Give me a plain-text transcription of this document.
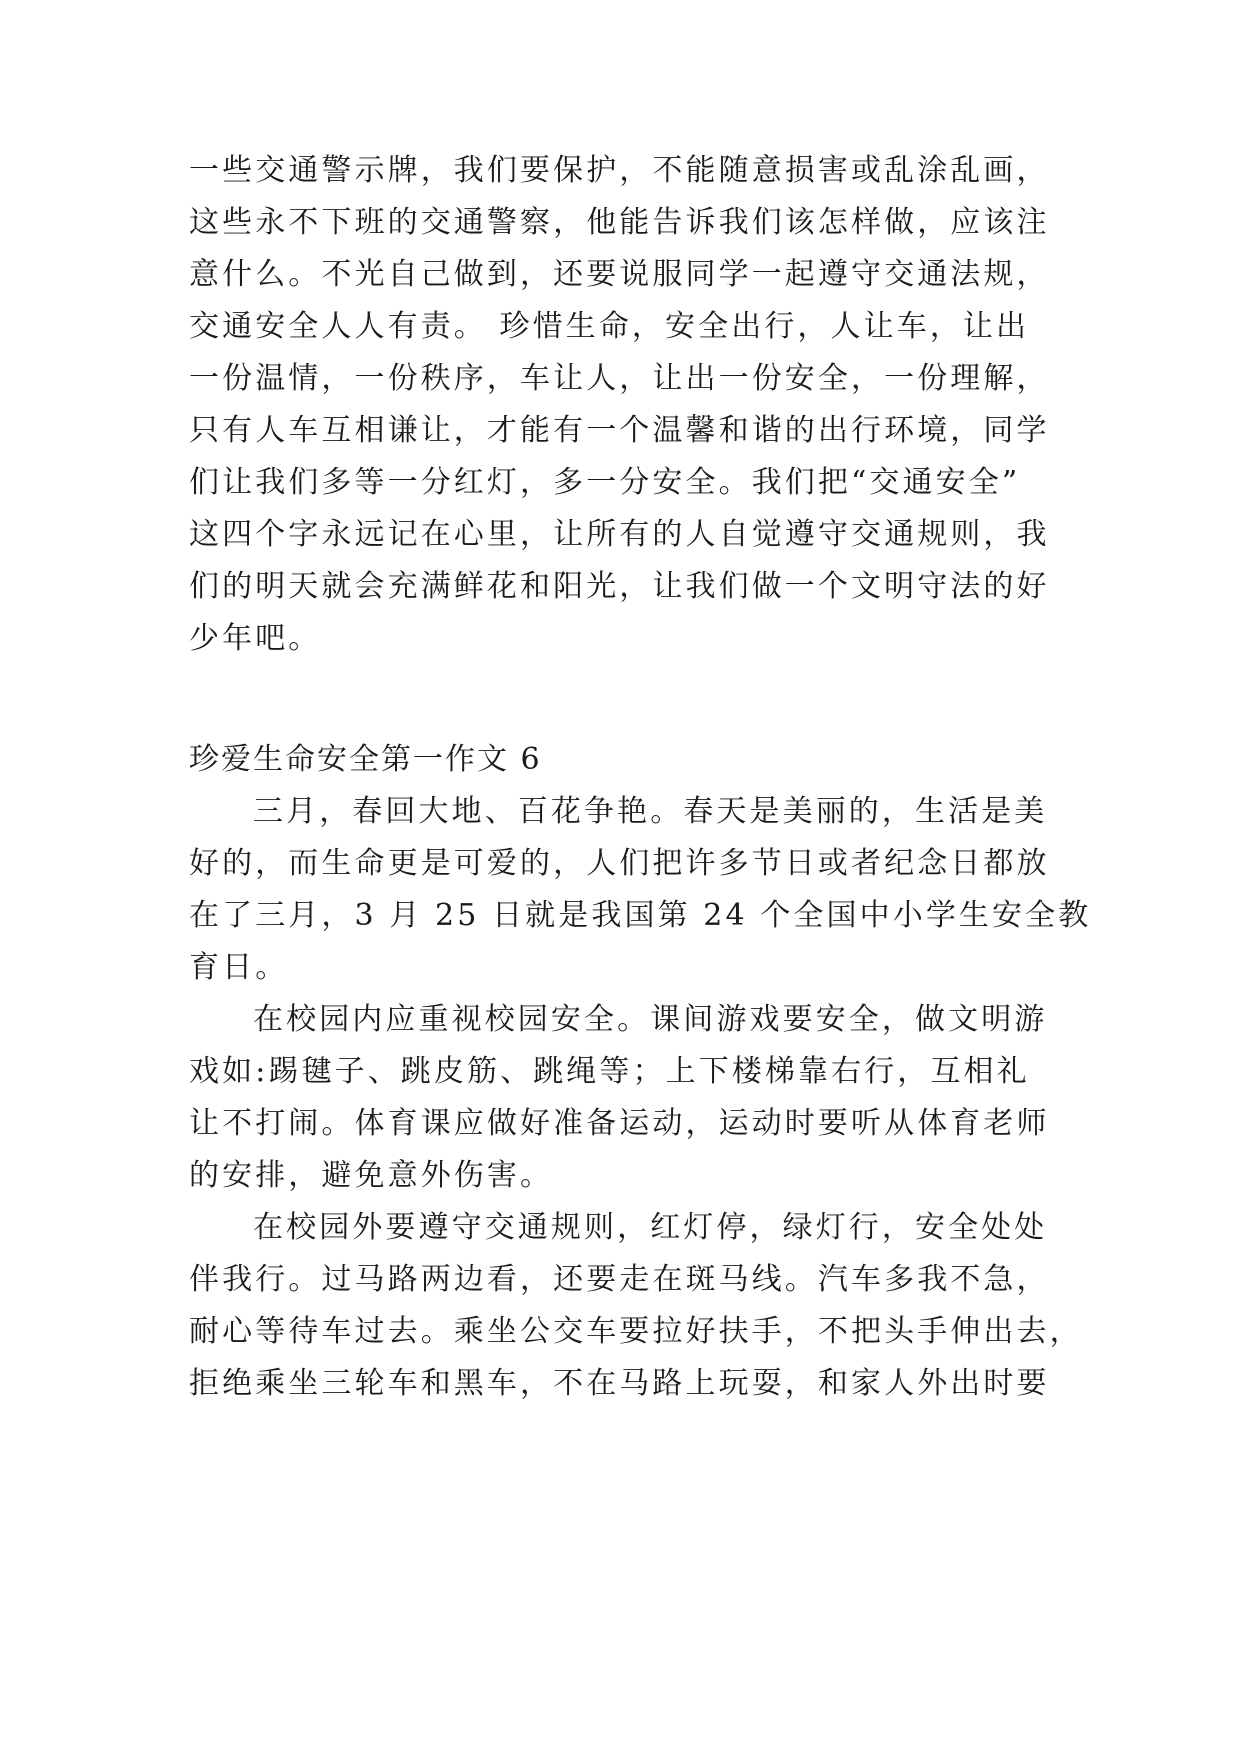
一些交通警示牌，我们要保护，不能随意损害或乱涂乱画，
这些永不下班的交通警察，他能告诉我们该怎样做，应该注
意什么。不光自己做到，还要说服同学一起遵守交通法规，
交通安全人人有责。 珍惜生命，安全出行，人让车，让出
一份温情，一份秩序，车让人，让出一份安全，一份理解，
只有人车互相谦让，才能有一个温馨和谐的出行环境，同学
们让我们多等一分红灯，多一分安全。我们把“交通安全”
这四个字永远记在心里，让所有的人自觉遵守交通规则，我
们的明天就会充满鲜花和阳光，让我们做一个文明守法的好
少年吧。
珍爱生命安全第一作文 6
三月，春回大地、百花争艳。春天是美丽的，生活是美
好的，而生命更是可爱的，人们把许多节日或者纪念日都放
在了三月，3 月 25 日就是我国第 24 个全国中小学生安全教
育日。
在校园内应重视校园安全。课间游戏要安全，做文明游
戏如:踢毽子、跳皮筋、跳绳等；上下楼梯靠右行，互相礼
让不打闹。体育课应做好准备运动，运动时要听从体育老师
的安排，避免意外伤害。
在校园外要遵守交通规则，红灯停，绿灯行，安全处处
伴我行。过马路两边看，还要走在斑马线。汽车多我不急，
耐心等待车过去。乘坐公交车要拉好扶手，不把头手伸出去，
拒绝乘坐三轮车和黑车，不在马路上玩耍，和家人外出时要
